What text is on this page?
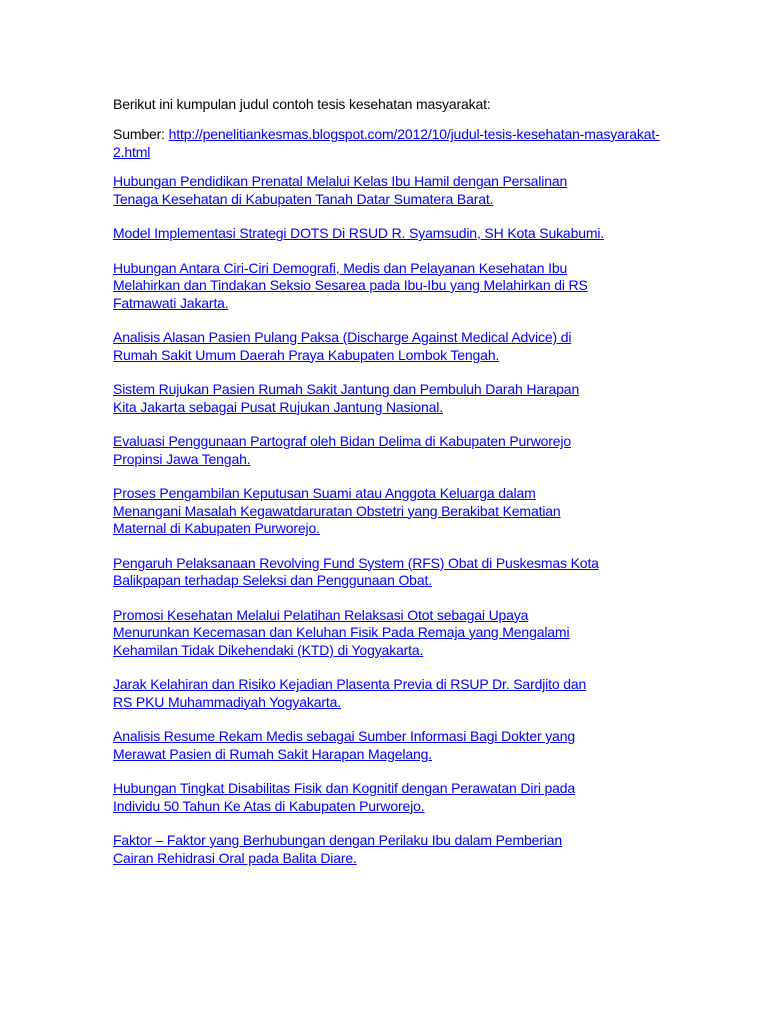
Berikut ini kumpulan judul contoh tesis kesehatan masyarakat:

Sumber: http://penelitiankesmas.blogspot.com/2012/10/judul-tesis-kesehatan-masyarakat-2.html

Hubungan Pendidikan Prenatal Melalui Kelas Ibu Hamil dengan Persalinan
Tenaga Kesehatan di Kabupaten Tanah Datar Sumatera Barat.
Model Implementasi Strategi DOTS Di RSUD R. Syamsudin, SH Kota Sukabumi.
Hubungan Antara Ciri-Ciri Demografi, Medis dan Pelayanan Kesehatan Ibu
Melahirkan dan Tindakan Seksio Sesarea pada Ibu-Ibu yang Melahirkan di RS
Fatmawati Jakarta.
Analisis Alasan Pasien Pulang Paksa (Discharge Against Medical Advice) di
Rumah Sakit Umum Daerah Praya Kabupaten Lombok Tengah.
Sistem Rujukan Pasien Rumah Sakit Jantung dan Pembuluh Darah Harapan
Kita Jakarta sebagai Pusat Rujukan Jantung Nasional.
Evaluasi Penggunaan Partograf oleh Bidan Delima di Kabupaten Purworejo
Propinsi Jawa Tengah.
Proses Pengambilan Keputusan Suami atau Anggota Keluarga dalam
Menangani Masalah Kegawatdaruratan Obstetri yang Berakibat Kematian
Maternal di Kabupaten Purworejo.
Pengaruh Pelaksanaan Revolving Fund System (RFS) Obat di Puskesmas Kota
Balikpapan terhadap Seleksi dan Penggunaan Obat.
Promosi Kesehatan Melalui Pelatihan Relaksasi Otot sebagai Upaya
Menurunkan Kecemasan dan Keluhan Fisik Pada Remaja yang Mengalami
Kehamilan Tidak Dikehendaki (KTD) di Yogyakarta.
Jarak Kelahiran dan Risiko Kejadian Plasenta Previa di RSUP Dr. Sardjito dan
RS PKU Muhammadiyah Yogyakarta.
Analisis Resume Rekam Medis sebagai Sumber Informasi Bagi Dokter yang
Merawat Pasien di Rumah Sakit Harapan Magelang.
Hubungan Tingkat Disabilitas Fisik dan Kognitif dengan Perawatan Diri pada
Individu 50 Tahun Ke Atas di Kabupaten Purworejo.
Faktor – Faktor yang Berhubungan dengan Perilaku Ibu dalam Pemberian
Cairan Rehidrasi Oral pada Balita Diare.
